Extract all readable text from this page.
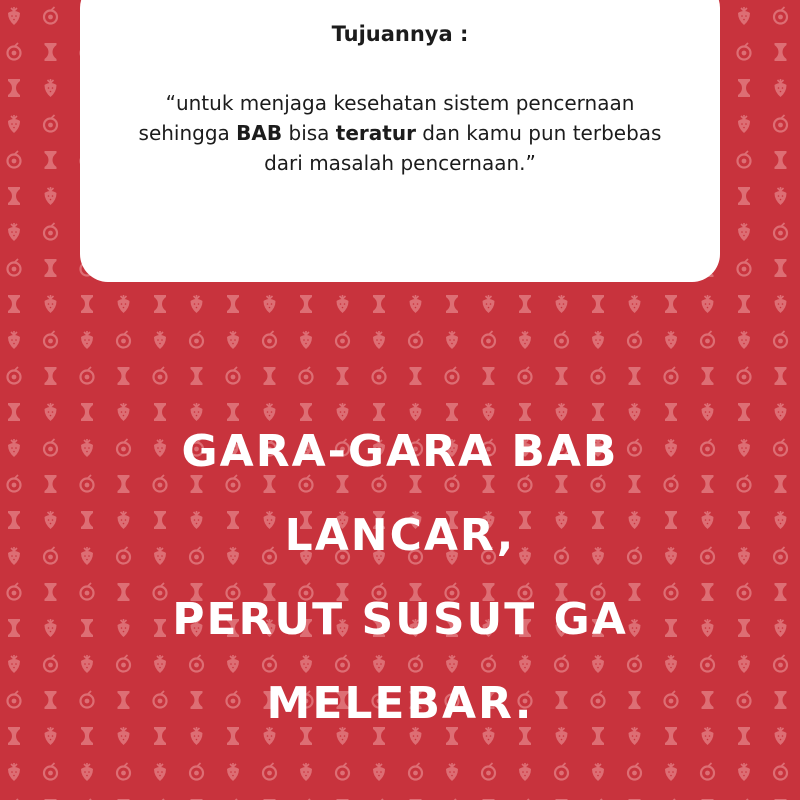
Tujuannya :

“untuk menjaga kesehatan sistem pencernaan sehingga BAB bisa teratur dan kamu pun terbebas dari masalah pencernaan.”

GARA-GARA BAB
LANCAR,
PERUT SUSUT GA
MELEBAR.
